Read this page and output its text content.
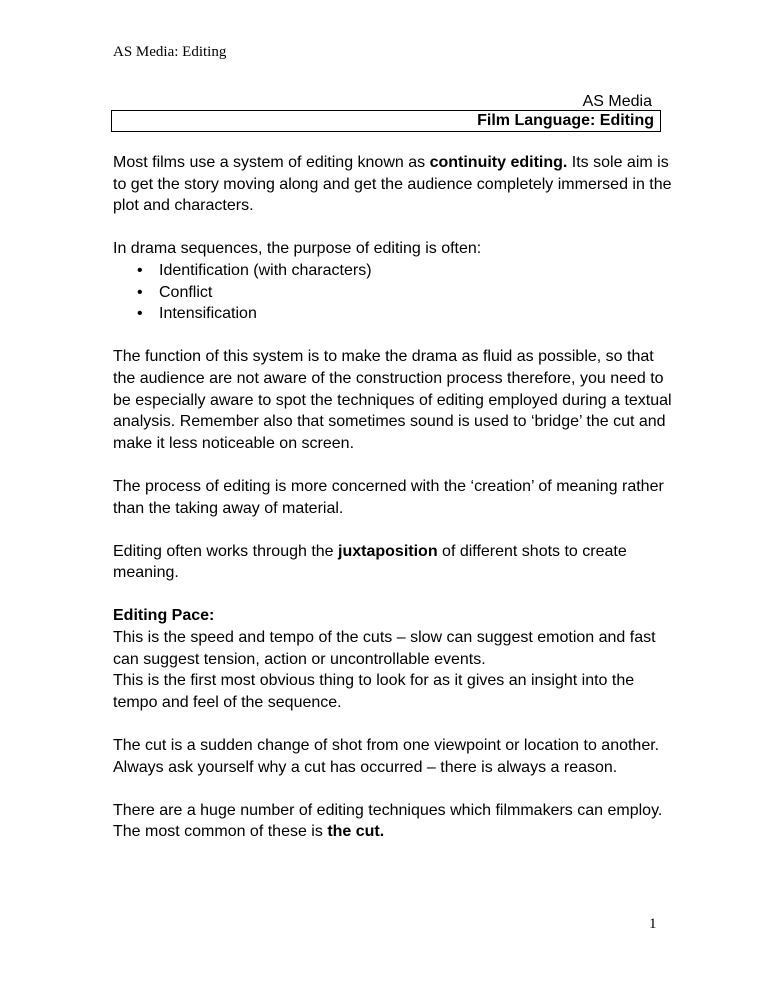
AS Media: Editing
AS Media
Film Language: Editing

Most films use a system of editing known as continuity editing. Its sole aim is to get the story moving along and get the audience completely immersed in the plot and characters.

In drama sequences, the purpose of editing is often:

• Identification (with characters)
• Conflict
• Intensification

The function of this system is to make the drama as fluid as possible, so that the audience are not aware of the construction process therefore, you need to be especially aware to spot the techniques of editing employed during a textual analysis. Remember also that sometimes sound is used to ‘bridge’ the cut and make it less noticeable on screen.

The process of editing is more concerned with the ‘creation’ of meaning rather than the taking away of material.

Editing often works through the juxtaposition of different shots to create meaning.

Editing Pace:

This is the speed and tempo of the cuts – slow can suggest emotion and fast can suggest tension, action or uncontrollable events.

This is the first most obvious thing to look for as it gives an insight into the tempo and feel of the sequence.

The cut is a sudden change of shot from one viewpoint or location to another. Always ask yourself why a cut has occurred – there is always a reason.

There are a huge number of editing techniques which filmmakers can employ.

The most common of these is the cut.

1
